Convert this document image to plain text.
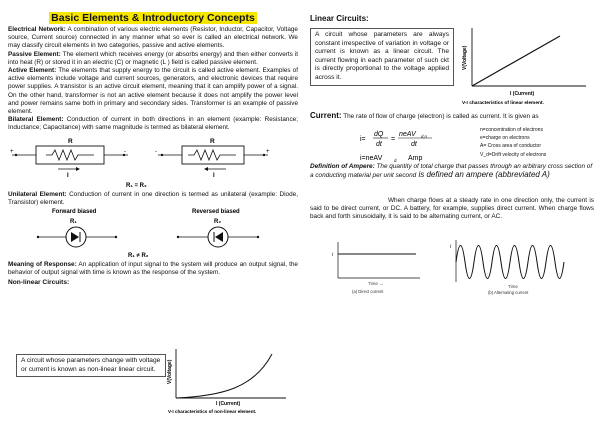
Basic Elements & Introductory Concepts

Electrical Network: A combination of various electric elements (Resistor, Inductor, Capacitor, Voltage source, Current source) connected in any manner what so ever is called an electrical network. We may classify circuit elements in two categories, passive and active elements.

Passive Element: The element which receives energy (or absorbs energy) and then either converts it into heat (R) or stored it in an electric (C) or magnetic (L ) field is called passive element.

Active Element: The elements that supply energy to the circuit is called active element. Examples of active elements include voltage and current sources, generators, and electronic devices that require power supplies. A transistor is an active circuit element, meaning that it can amplify power of a signal. On the other hand, transformer is not an active element because it does not amplify the power level and power remains same both in primary and secondary sides. Transformer is an example of passive element.

Bilateral Element: Conduction of current in both directions in an element (example: Resistance; Inductance; Capacitance) with same magnitude is termed as bilateral element.

R
+	-
I
R
-	+
I
R₁ = R₂

Unilateral Element: Conduction of current in one direction is termed as unilateral (example: Diode, Transistor) element.

Forward biased	Reversed biased
R₁	R₂
R₁ ≠ R₂

Meaning of Response: An application of input signal to the system will produce an output signal, the behavior of output signal with time is known as the response of the system.

Non-linear Circuits:
A circuit whose parameters change with voltage or current is known as non-linear linear circuit.	V(Voltage)
I (Current)
V-I characteristics of non-linear element.
Linear Circuits:
A circuit whose parameters are always constant irrespective of variation in voltage or current is known as a linear circuit. The current flowing in each parameter of such ckt is directly proportional to the voltage applied across it.
V(Voltage)
I (Current)
V-I characteristics of linear element.

Current: The rate of flow of charge (electron) is called as current. It is given as

i=
dQ
dt
=
neAV	d,n
dt
i=neAV	d Amp
n=concentration of electrons
e=charge on electrons
A= Cross area of conductor
V_d=Drift velocity of electrons

Definition of Ampere: The quantity of total charge that passes through an arbitrary cross section of a conducting material per unit second is defined an ampere (abbreviated A)

When charge flows at a steady rate in one direction only, the current is said to be direct current, or DC. A battery, for example, supplies direct current. When charge flows back and forth sinusoidally, it is said to be alternating current, or AC.

i
Time →
(a) Direct current
i
Time
(b) Alternating current
